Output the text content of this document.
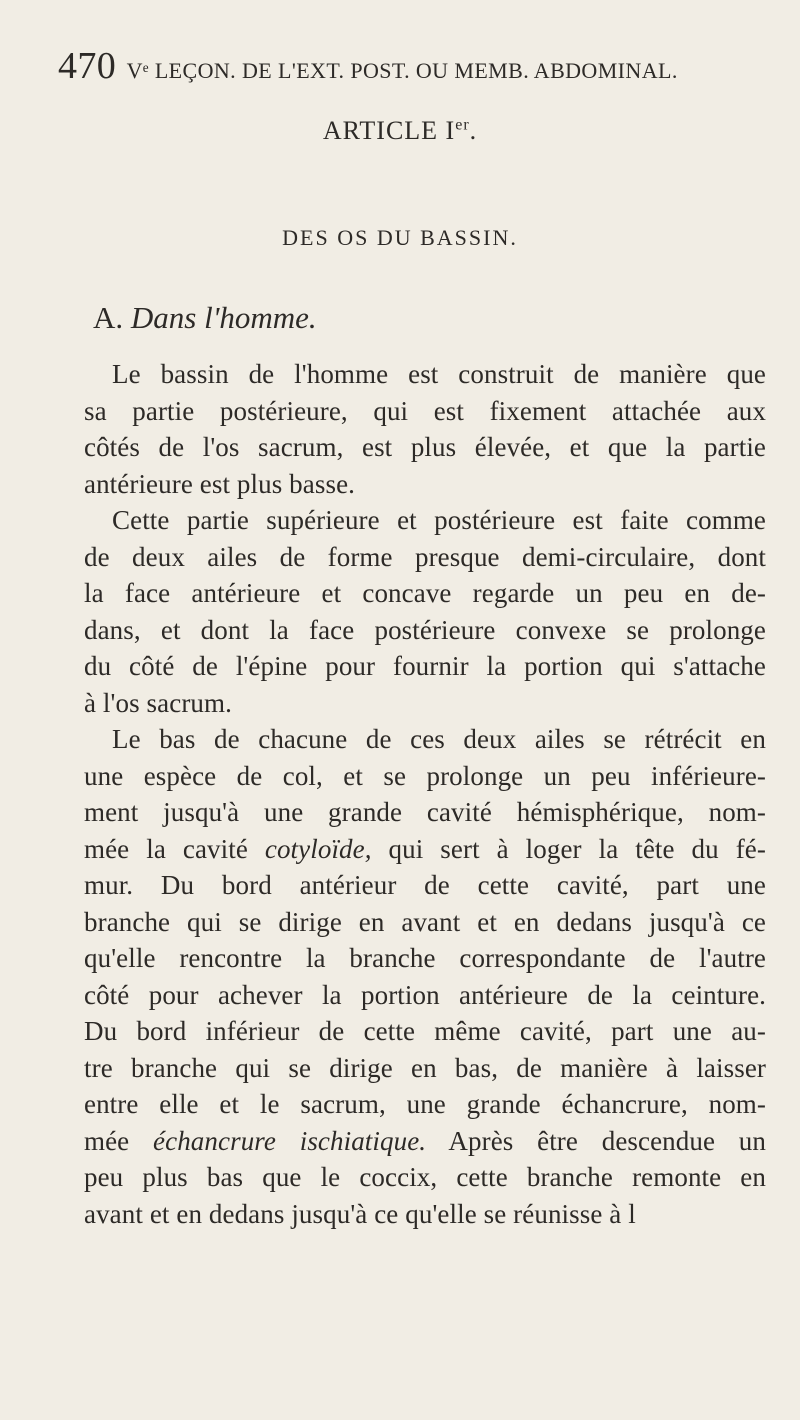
470 Vᵉ LEÇON. DE L'EXT. POST. OU MEMB. ABDOMINAL.
ARTICLE Ier.
DES OS DU BASSIN.
A. Dans l'homme.
Le bassin de l'homme est construit de manière que
sa partie postérieure, qui est fixement attachée aux
côtés de l'os sacrum, est plus élevée, et que la partie
antérieure est plus basse.
Cette partie supérieure et postérieure est faite comme
de deux ailes de forme presque demi-circulaire, dont
la face antérieure et concave regarde un peu en de-
dans, et dont la face postérieure convexe se prolonge
du côté de l'épine pour fournir la portion qui s'attache
à l'os sacrum.
Le bas de chacune de ces deux ailes se rétrécit en
une espèce de col, et se prolonge un peu inférieure-
ment jusqu'à une grande cavité hémisphérique, nom-
mée la cavité cotyloïde, qui sert à loger la tête du fé-
mur. Du bord antérieur de cette cavité, part une
branche qui se dirige en avant et en dedans jusqu'à ce
qu'elle rencontre la branche correspondante de l'autre
côté pour achever la portion antérieure de la ceinture.
Du bord inférieur de cette même cavité, part une au-
tre branche qui se dirige en bas, de manière à laisser
entre elle et le sacrum, une grande échancrure, nom-
mée échancrure ischiatique. Après être descendue un
peu plus bas que le coccix, cette branche remonte en
avant et en dedans jusqu'à ce qu'elle se réunisse à l
